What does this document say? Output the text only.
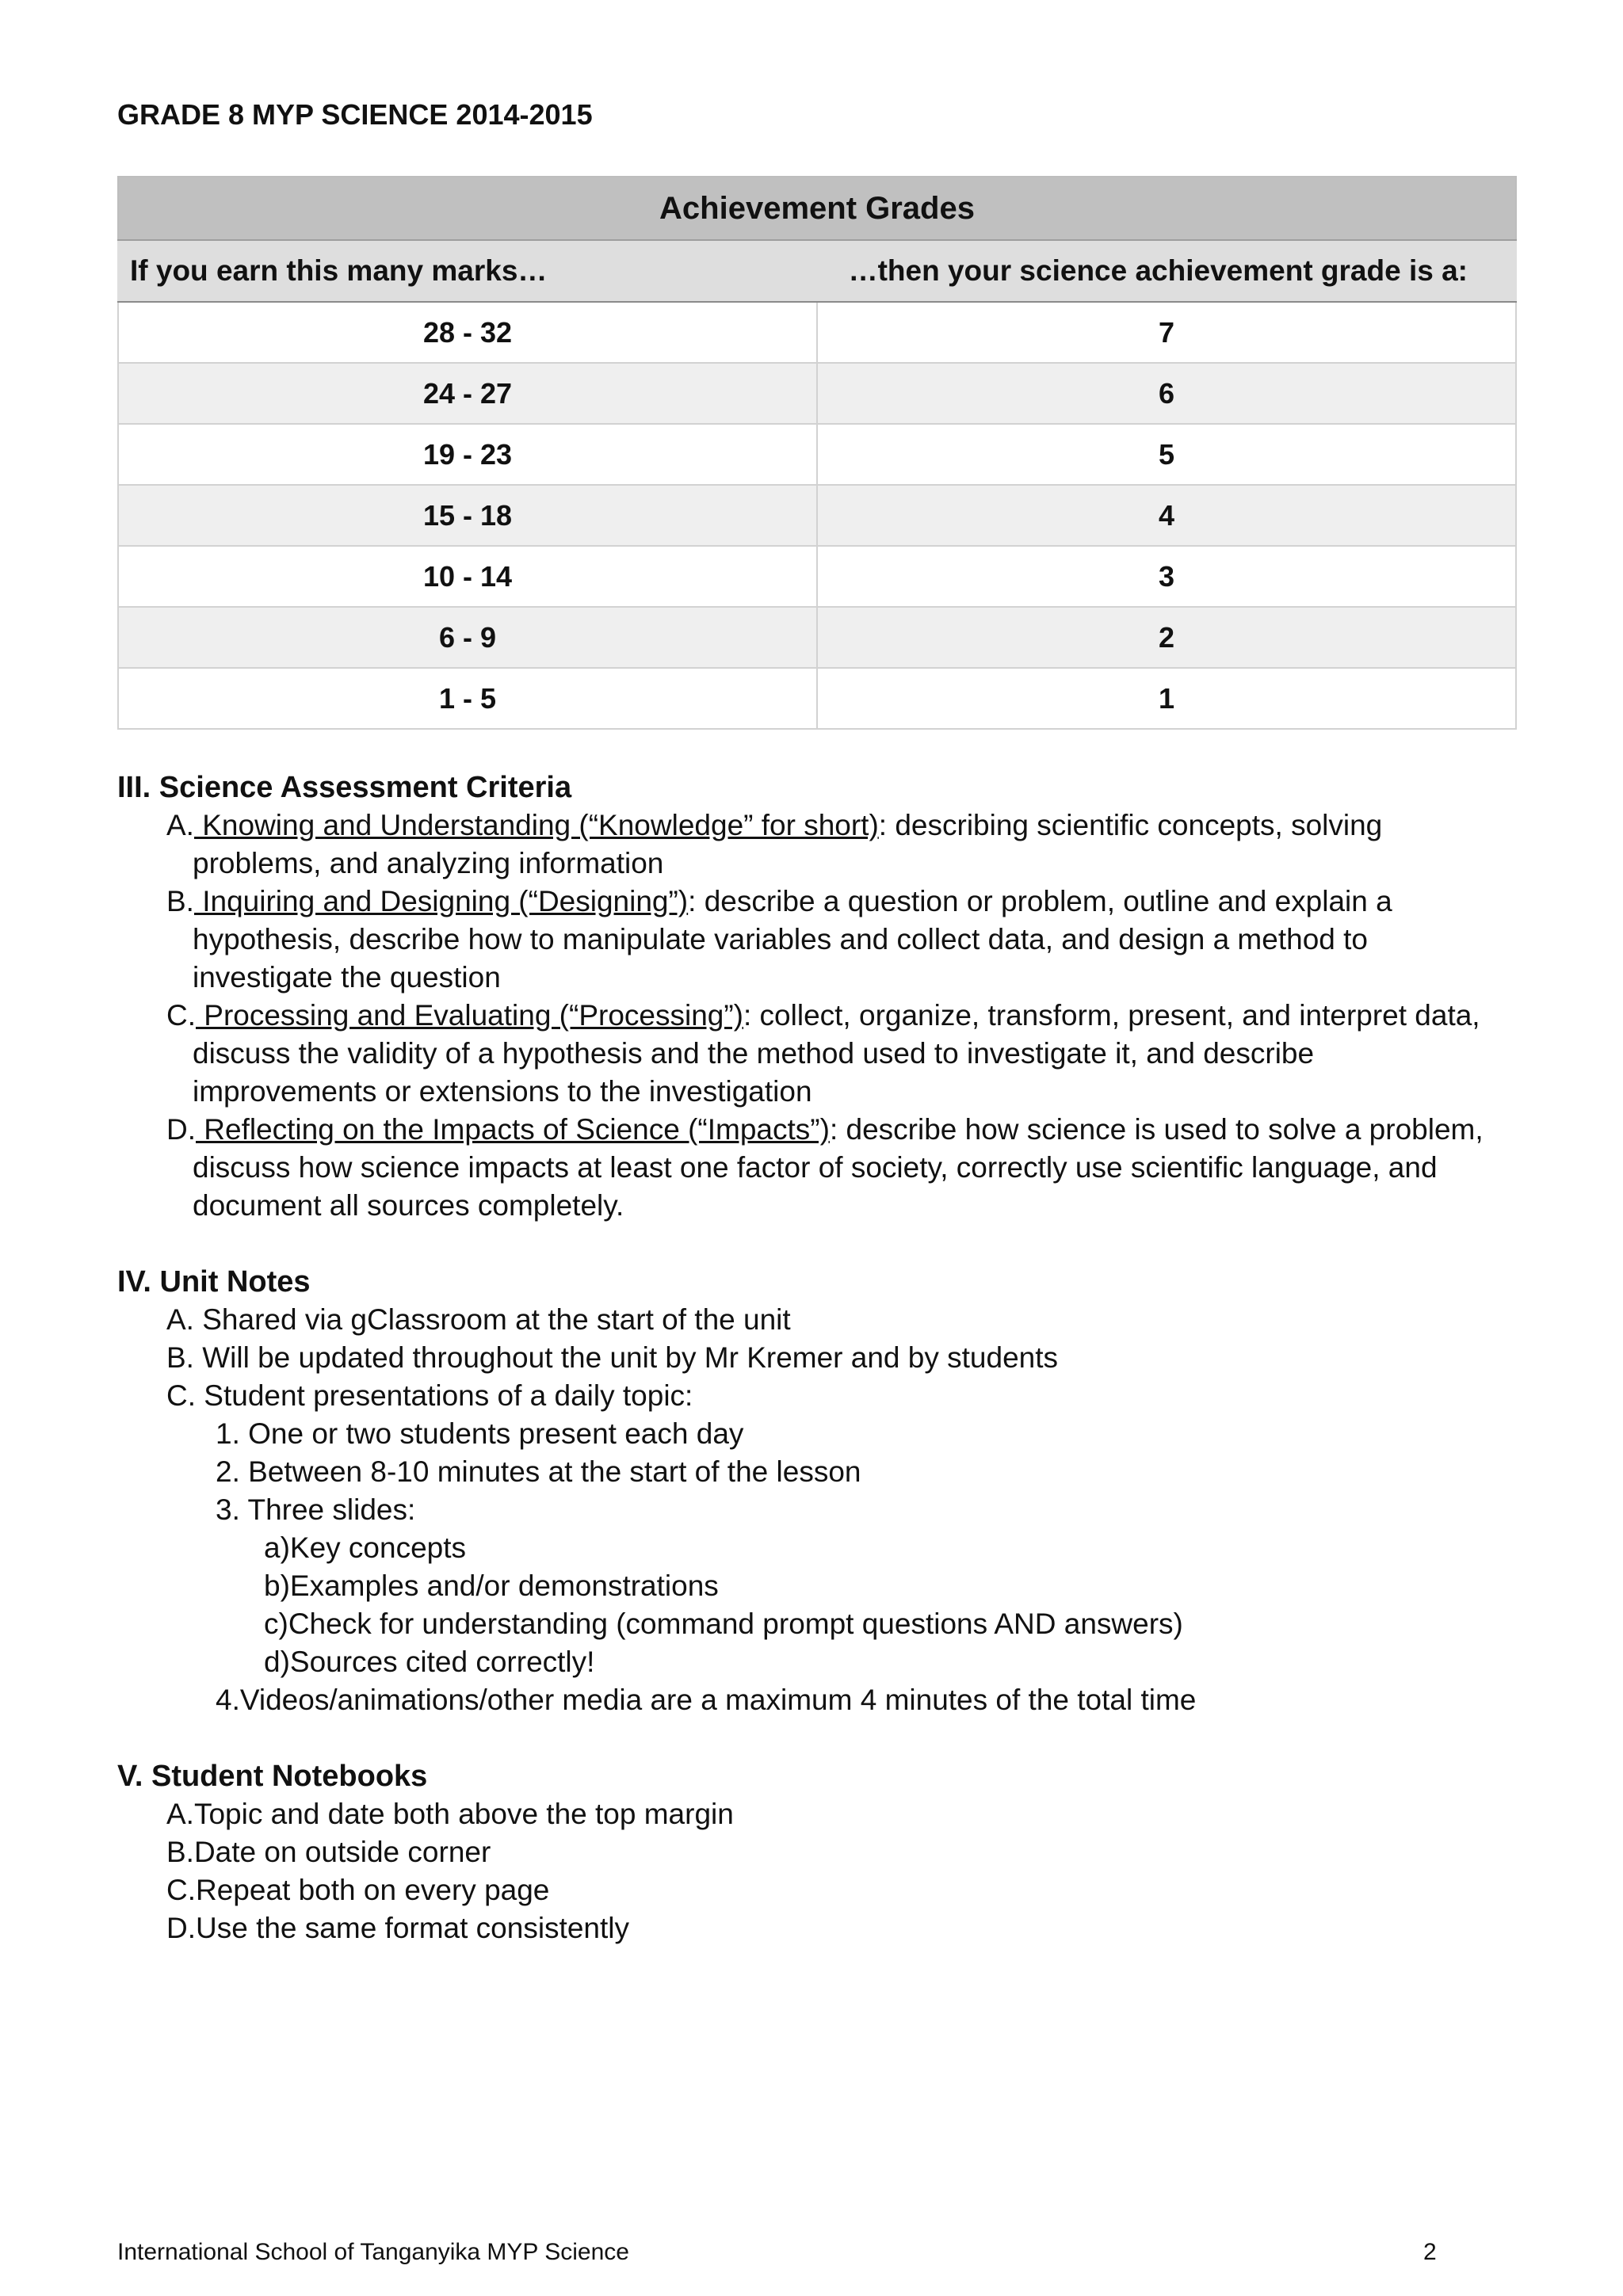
GRADE 8 MYP SCIENCE 2014-2015
Achievement Grades	
If you earn this many marks…	…then your science achievement grade is a:
28 - 32	7
24 - 27	6
19 - 23	5
15 - 18	4
10 - 14	3
6 - 9	2
1 - 5	1
III. Science Assessment Criteria
A. Knowing and Understanding (“Knowledge” for short): describing scientific concepts, solving
problems, and analyzing information
B. Inquiring and Designing (“Designing”): describe a question or problem, outline and explain a
hypothesis, describe how to manipulate variables and collect data, and design a method to
investigate the question
C. Processing and Evaluating (“Processing”): collect, organize, transform, present, and interpret data,
discuss the validity of a hypothesis and the method used to investigate it, and describe
improvements or extensions to the investigation
D. Reflecting on the Impacts of Science (“Impacts”): describe how science is used to solve a problem,
discuss how science impacts at least one factor of society, correctly use scientific language, and
document all sources completely.
IV. Unit Notes
A. Shared via gClassroom at the start of the unit
B. Will be updated throughout the unit by Mr Kremer and by students
C. Student presentations of a daily topic:
1. One or two students present each day
2. Between 8-10 minutes at the start of the lesson
3. Three slides:
a)Key concepts
b)Examples and/or demonstrations
c)Check for understanding (command prompt questions AND answers)
d)Sources cited correctly!
4.Videos/animations/other media are a maximum 4 minutes of the total time
V. Student Notebooks
A.Topic and date both above the top margin
B.Date on outside corner
C.Repeat both on every page
D.Use the same format consistently
International School of Tanganyika MYP Science	2
